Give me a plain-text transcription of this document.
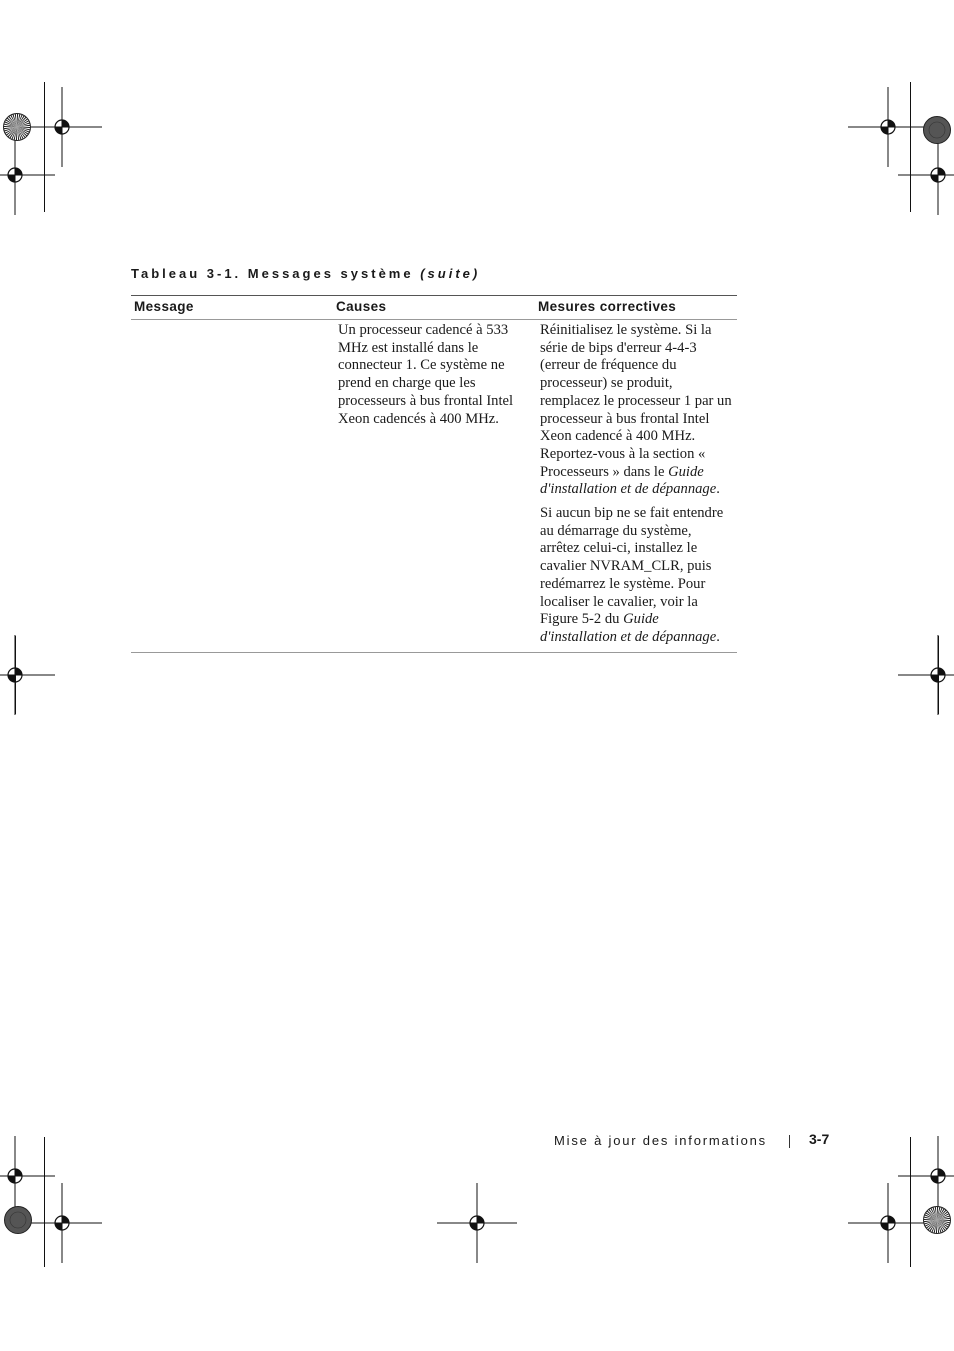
Tableau 3-1. Messages système (suite)
Message	Causes	Mesures correctives

	Un processeur cadencé à 533 MHz est installé dans le connecteur 1. Ce système ne prend en charge que les processeurs à bus frontal Intel Xeon cadencés à 400 MHz.	Réinitialisez le système. Si la série de bips d'erreur 4-4-3 (erreur de fréquence du processeur) se produit, remplacez le processeur 1 par un processeur à bus frontal Intel Xeon cadencé à 400 MHz. Reportez-vous à la section « Processeurs » dans le Guide d'installation et de dépannage.

Si aucun bip ne se fait entendre au démarrage du système, arrêtez celui-ci, installez le cavalier NVRAM_CLR, puis redémarrez le système. Pour localiser le cavalier, voir la Figure 5-2 du Guide d'installation et de dépannage.

Mise à jour des informations	3-7
